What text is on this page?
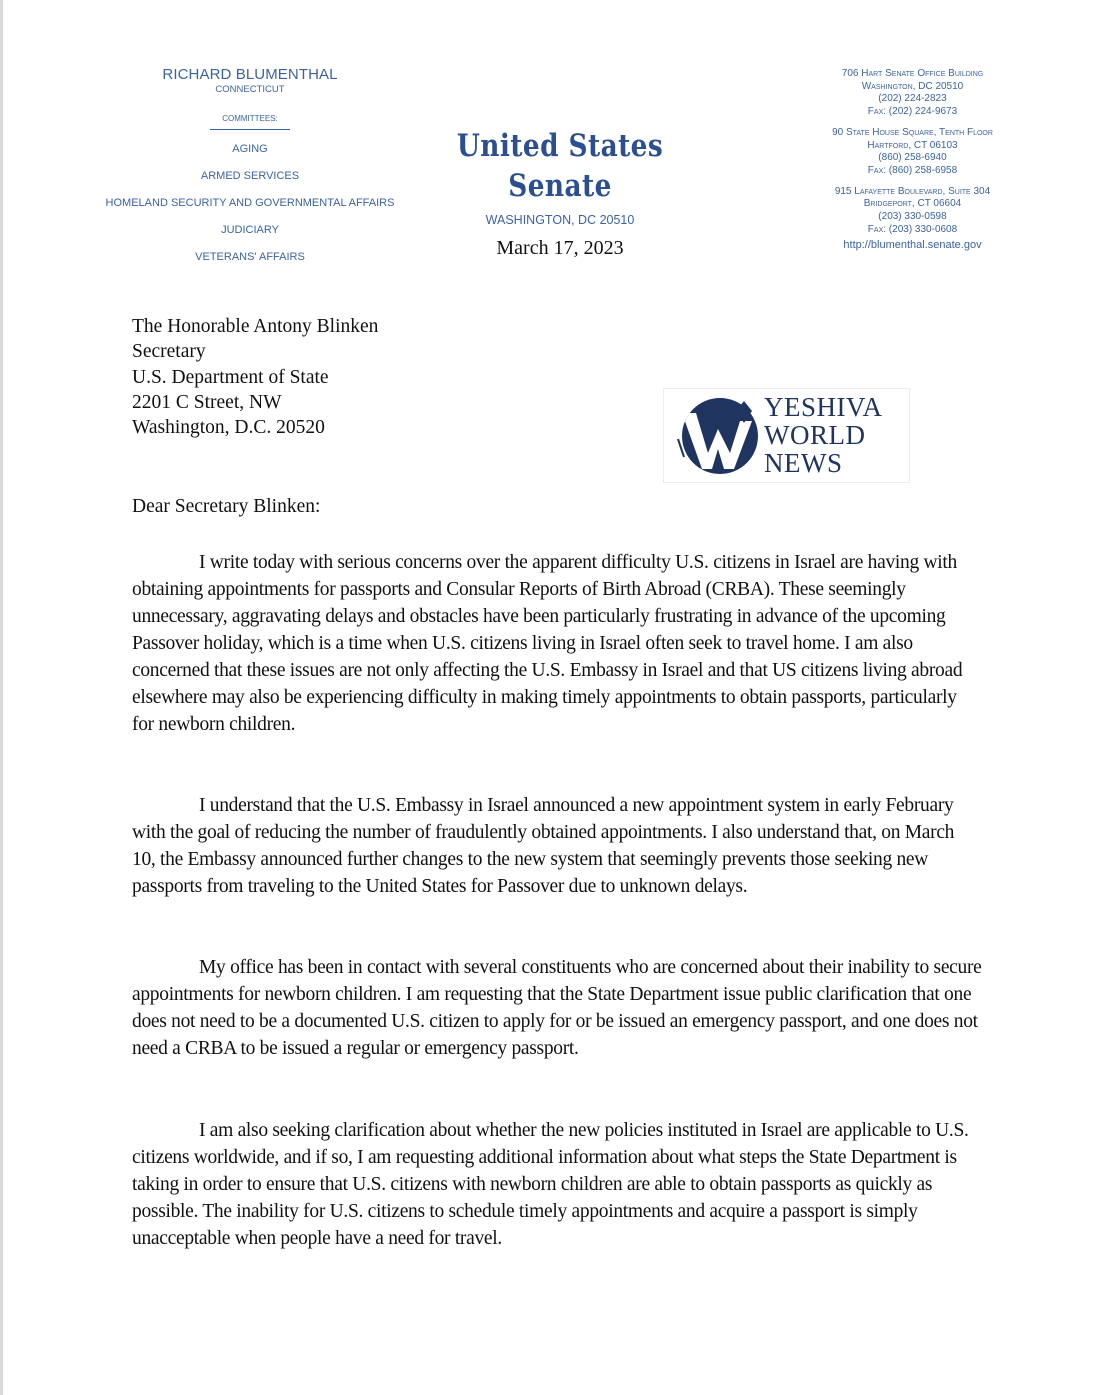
RICHARD BLUMENTHAL
CONNECTICUT
COMMITTEES:
AGING
ARMED SERVICES
HOMELAND SECURITY AND GOVERNMENTAL AFFAIRS
JUDICIARY
VETERANS' AFFAIRS
United States Senate
WASHINGTON, DC 20510
March 17, 2023
706 Hart Senate Office Building
Washington, DC 20510
(202) 224-2823
Fax: (202) 224-9673
90 State House Square, Tenth Floor
Hartford, CT 06103
(860) 258-6940
Fax: (860) 258-6958
915 Lafayette Boulevard, Suite 304
Bridgeport, CT 06604
(203) 330-0598
Fax: (203) 330-0608
http://blumenthal.senate.gov
The Honorable Antony Blinken
Secretary
U.S. Department of State
2201 C Street, NW
Washington, D.C. 20520
YESHIVA
WORLD
NEWS
Dear Secretary Blinken:

I write today with serious concerns over the apparent difficulty U.S. citizens in Israel are having with obtaining appointments for passports and Consular Reports of Birth Abroad (CRBA). These seemingly unnecessary, aggravating delays and obstacles have been particularly frustrating in advance of the upcoming Passover holiday, which is a time when U.S. citizens living in Israel often seek to travel home. I am also concerned that these issues are not only affecting the U.S. Embassy in Israel and that US citizens living abroad elsewhere may also be experiencing difficulty in making timely appointments to obtain passports, particularly for newborn children.

I understand that the U.S. Embassy in Israel announced a new appointment system in early February with the goal of reducing the number of fraudulently obtained appointments. I also understand that, on March 10, the Embassy announced further changes to the new system that seemingly prevents those seeking new passports from traveling to the United States for Passover due to unknown delays.

My office has been in contact with several constituents who are concerned about their inability to secure appointments for newborn children. I am requesting that the State Department issue public clarification that one does not need to be a documented U.S. citizen to apply for or be issued an emergency passport, and one does not need a CRBA to be issued a regular or emergency passport.

I am also seeking clarification about whether the new policies instituted in Israel are applicable to U.S. citizens worldwide, and if so, I am requesting additional information about what steps the State Department is taking in order to ensure that U.S. citizens with newborn children are able to obtain passports as quickly as possible. The inability for U.S. citizens to schedule timely appointments and acquire a passport is simply unacceptable when people have a need for travel.
